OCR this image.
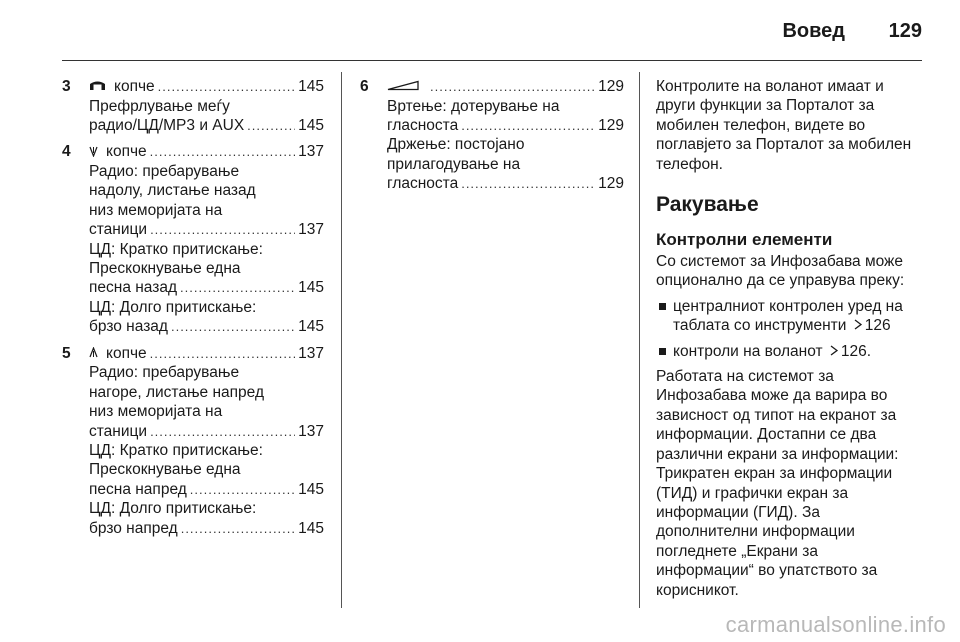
Вовед 129
3	копче .....	145
Префрлување меѓу
радио/ЦД/MP3 и AUX .....	145
4	копче .....	137
Радио: пребарување
надолу, листање назад
низ меморијата на
станици .....	137
ЦД: Кратко притискање:
Прескокнување една
песна назад .....	145
ЦД: Долго притискање:
брзо назад .....	145
5	копче .....	137
Радио: пребарување
нагоре, листање напред
низ меморијата на
станици .....	137
ЦД: Кратко притискање:
Прескокнување една
песна напред .....	145
ЦД: Долго притискање:
брзо напред .....	145
6 .....	129
Вртење: дотерување на
гласноста .....	129
Држење: постојано
прилагодување на
гласноста .....	129

Контролите на воланот имаат и други функции за Порталот за мобилен телефон, видете во поглавјето за Порталот за мобилен телефон.

Ракување
Контролни елементи

Со системот за Инфозабава може опционално да се управува преку:

централниот контролен уред на таблата со инструменти 126
контроли на воланот 126.

Работата на системот за Инфозабава може да варира во зависност од типот на екранот за информации. Достапни се два различни екрани за информации: Трикратен екран за информации (ТИД) и графички екран за информации (ГИД). За дополнителни информации погледнете „Екрани за информации“ во упатството за корисникот.

carmanualsonline.info
